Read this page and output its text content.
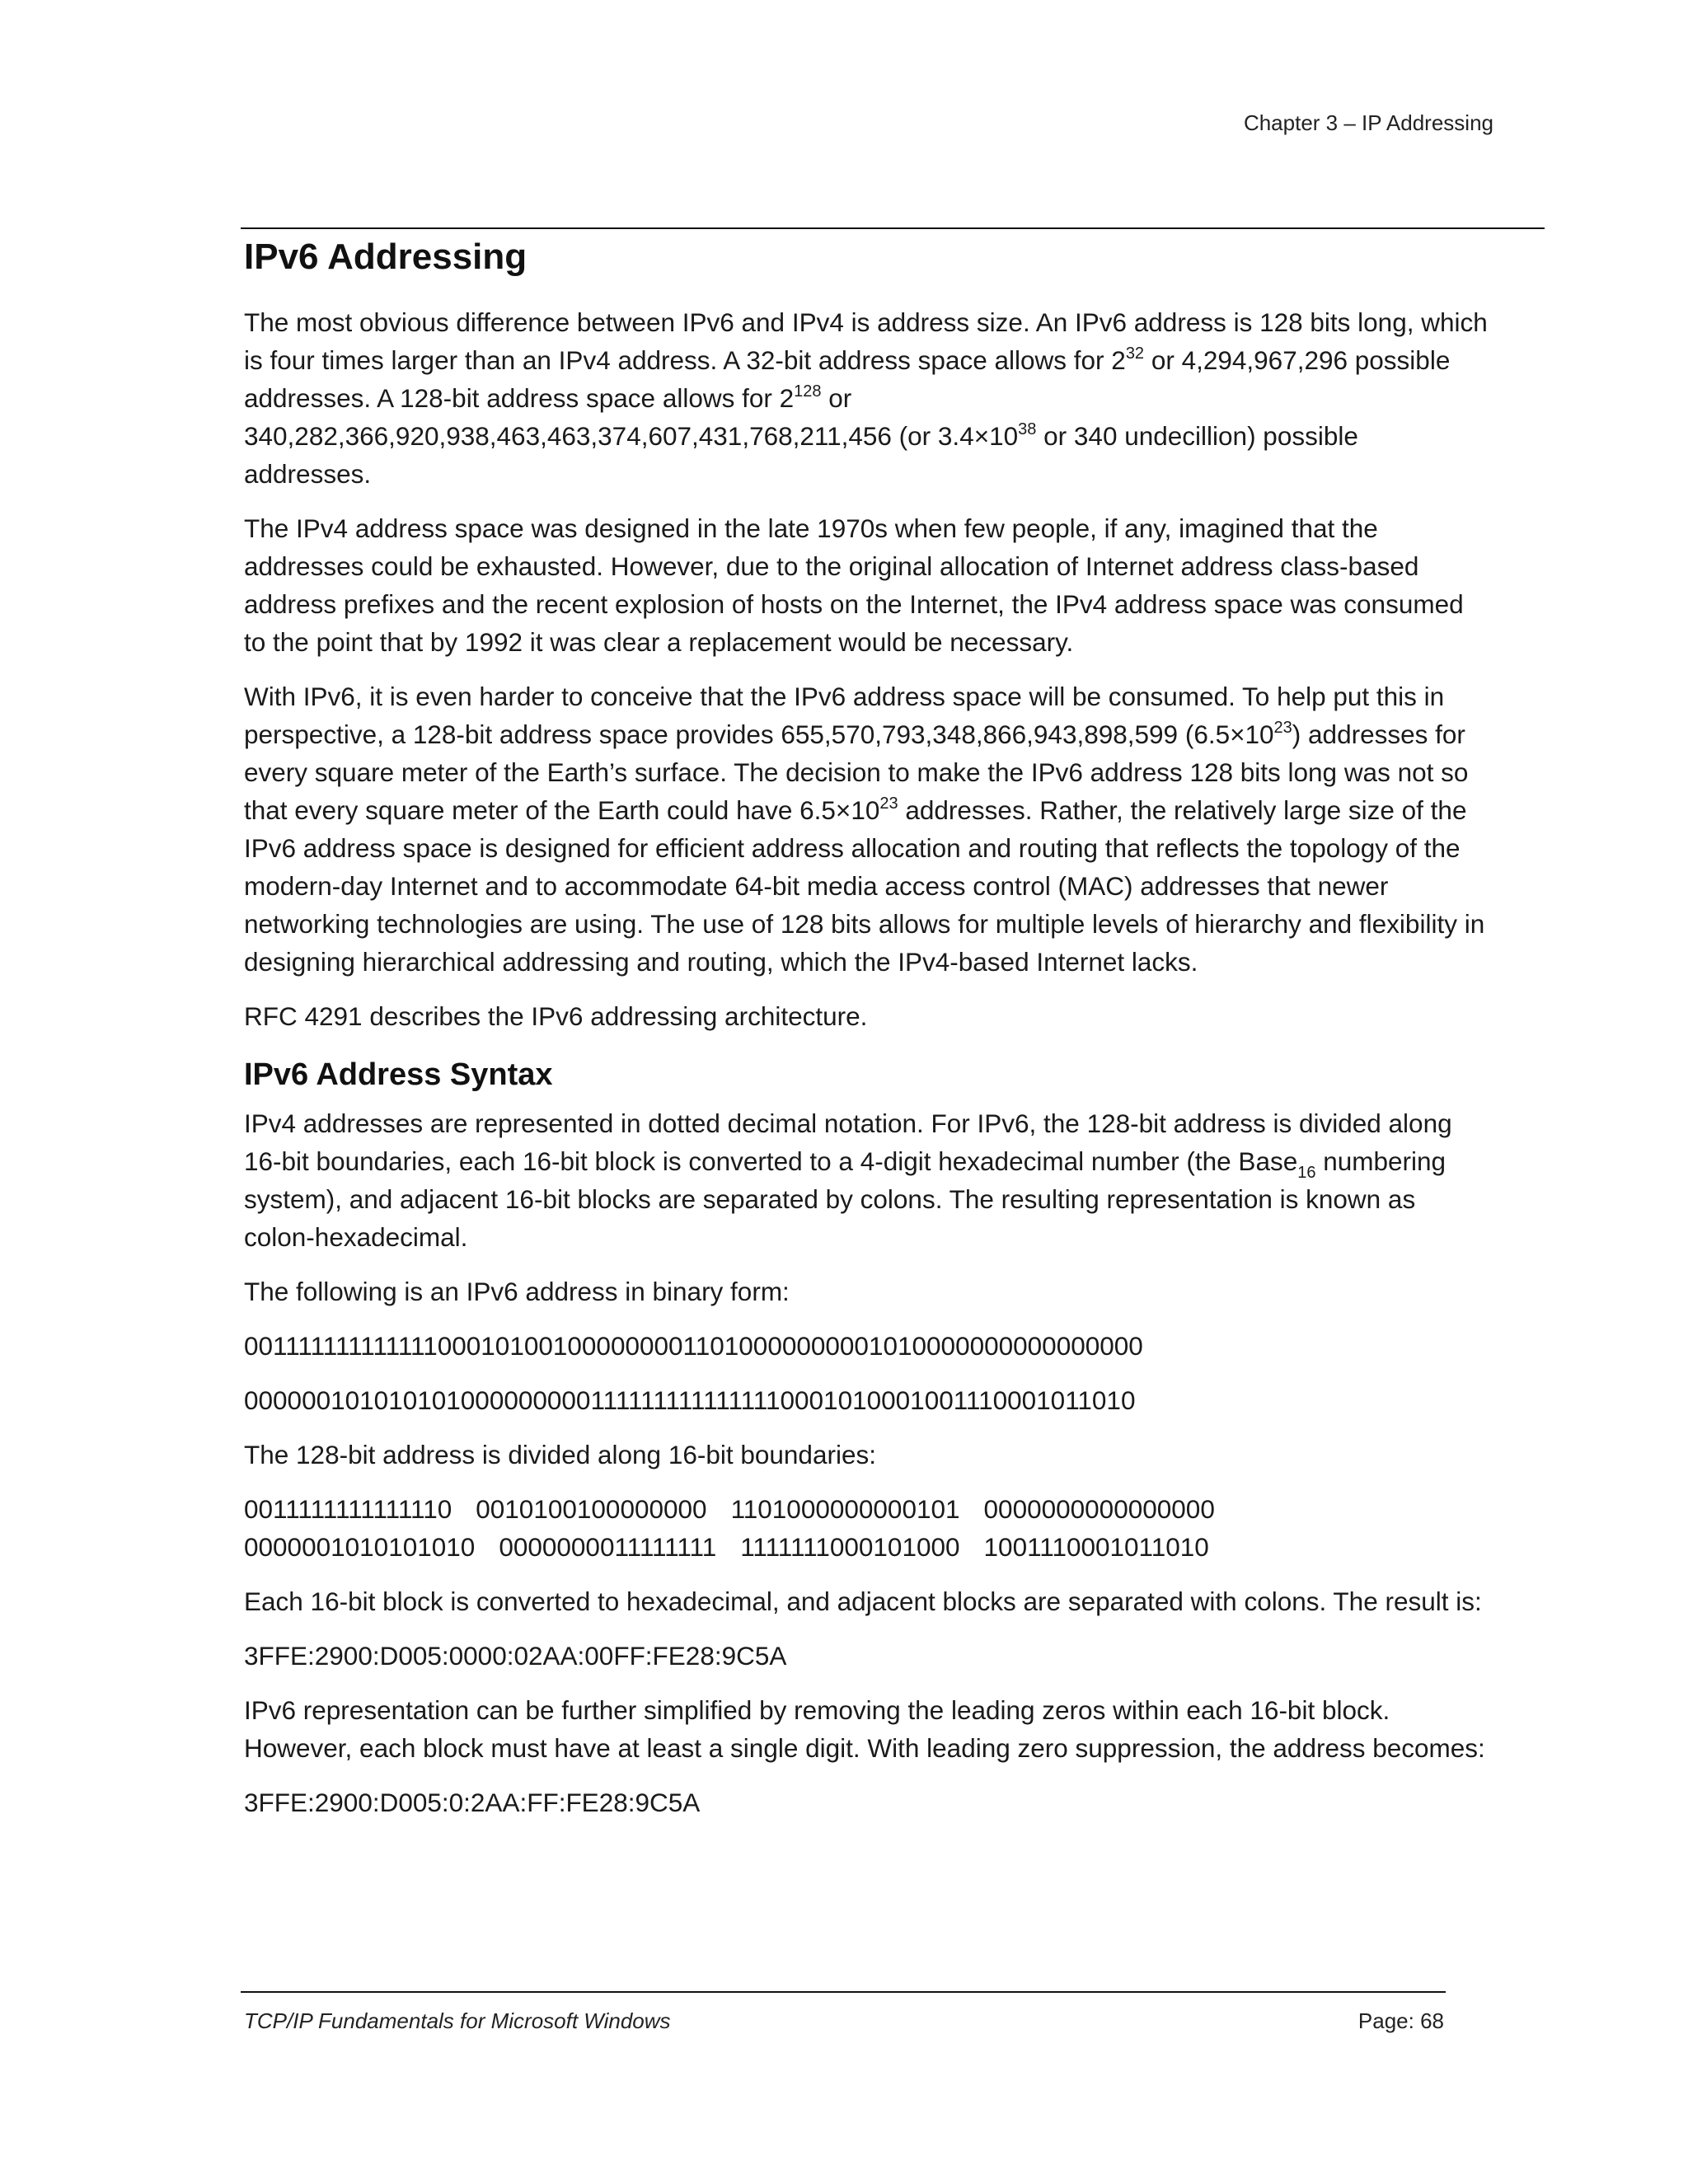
Chapter 3 – IP Addressing
IPv6 Addressing

The most obvious difference between IPv6 and IPv4 is address size. An IPv6 address is 128 bits long, which is four times larger than an IPv4 address. A 32-bit address space allows for $2^{32}$ or 4,294,967,296 possible addresses. A 128-bit address space allows for $2^{128}$ or 340,282,366,920,938,463,463,374,607,431,768,211,456 (or $3.4\times 10^{38}$ or 340 undecillion) possible addresses.

The IPv4 address space was designed in the late 1970s when few people, if any, imagined that the addresses could be exhausted. However, due to the original allocation of Internet address class-based address prefixes and the recent explosion of hosts on the Internet, the IPv4 address space was consumed to the point that by 1992 it was clear a replacement would be necessary.

With IPv6, it is even harder to conceive that the IPv6 address space will be consumed. To help put this in perspective, a 128-bit address space provides 655,570,793,348,866,943,898,599 $(6.5\times 10^{23})$ addresses for every square meter of the Earth’s surface. The decision to make the IPv6 address 128 bits long was not so that every square meter of the Earth could have $6.5\times 10^{23}$ addresses. Rather, the relatively large size of the IPv6 address space is designed for efficient address allocation and routing that reflects the topology of the modern-day Internet and to accommodate 64-bit media access control (MAC) addresses that newer networking technologies are using. The use of 128 bits allows for multiple levels of hierarchy and flexibility in designing hierarchical addressing and routing, which the IPv4-based Internet lacks.

RFC 4291 describes the IPv6 addressing architecture.

IPv6 Address Syntax

IPv4 addresses are represented in dotted decimal notation. For IPv6, the 128-bit address is divided along 16-bit boundaries, each 16-bit block is converted to a 4-digit hexadecimal number (the Base$_{16}$ numbering system), and adjacent 16-bit blocks are separated by colons. The resulting representation is known as colon-hexadecimal.

The following is an IPv6 address in binary form:

0011111111111110001010010000000011010000000001010000000000000000
0000001010101010000000001111111111111110001010001001110001011010

The 128-bit address is divided along 16-bit boundaries:

0011111111111110 0010100100000000 1101000000000101 0000000000000000
0000001010101010 0000000011111111 1111111000101000 1001110001011010

Each 16-bit block is converted to hexadecimal, and adjacent blocks are separated with colons. The result is:

3FFE:2900:D005:0000:02AA:00FF:FE28:9C5A

IPv6 representation can be further simplified by removing the leading zeros within each 16-bit block. However, each block must have at least a single digit. With leading zero suppression, the address becomes:

3FFE:2900:D005:0:2AA:FF:FE28:9C5A

TCP/IP Fundamentals for Microsoft Windows	Page: 68
